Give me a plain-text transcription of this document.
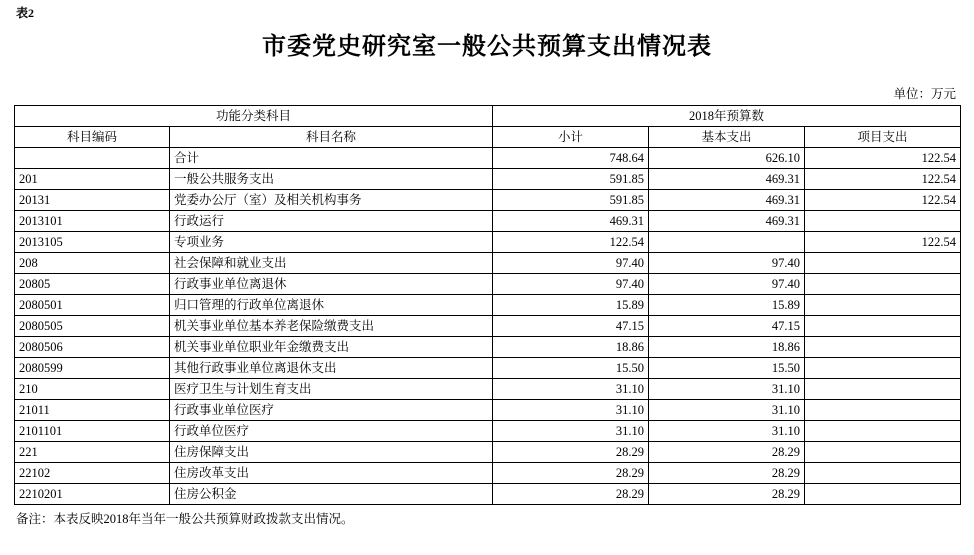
表2
市委党史研究室一般公共预算支出情况表
单位：万元
功能分类科目		2018年预算数		
科目编码	科目名称	小计	基本支出	项目支出
	合计	748.64	626.10	122.54
201	一般公共服务支出	591.85	469.31	122.54
20131	党委办公厅（室）及相关机构事务	591.85	469.31	122.54
2013101	行政运行	469.31	469.31	
2013105	专项业务	122.54		122.54
208	社会保障和就业支出	97.40	97.40	
20805	行政事业单位离退休	97.40	97.40	
2080501	归口管理的行政单位离退休	15.89	15.89	
2080505	机关事业单位基本养老保险缴费支出	47.15	47.15	
2080506	机关事业单位职业年金缴费支出	18.86	18.86	
2080599	其他行政事业单位离退休支出	15.50	15.50	
210	医疗卫生与计划生育支出	31.10	31.10	
21011	行政事业单位医疗	31.10	31.10	
2101101	行政单位医疗	31.10	31.10	
221	住房保障支出	28.29	28.29	
22102	住房改革支出	28.29	28.29	
2210201	住房公积金	28.29	28.29	
备注：本表反映2018年当年一般公共预算财政拨款支出情况。
